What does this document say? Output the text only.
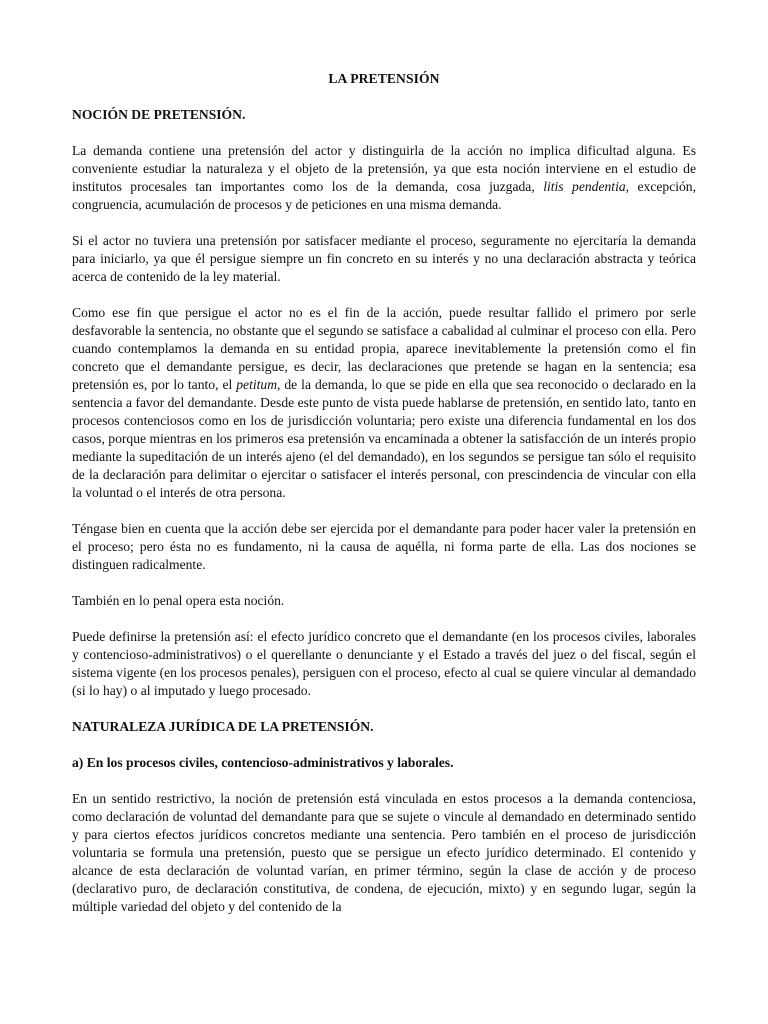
LA PRETENSIÓN
NOCIÓN DE PRETENSIÓN.

La demanda contiene una pretensión del actor y distinguirla de la acción no implica dificultad alguna. Es conveniente estudiar la naturaleza y el objeto de la pretensión, ya que esta noción interviene en el estudio de institutos procesales tan importantes como los de la demanda, cosa juzgada, litis pendentia, excepción, congruencia, acumulación de procesos y de peticiones en una misma demanda.

Si el actor no tuviera una pretensión por satisfacer mediante el proceso, seguramente no ejercitaría la demanda para iniciarlo, ya que él persigue siempre un fin concreto en su interés y no una declaración abstracta y teórica acerca de contenido de la ley material.

Como ese fin que persigue el actor no es el fin de la acción, puede resultar fallido el primero por serle desfavorable la sentencia, no obstante que el segundo se satisface a cabalidad al culminar el proceso con ella. Pero cuando contemplamos la demanda en su entidad propia, aparece inevitablemente la pretensión como el fin concreto que el demandante persigue, es decir, las declaraciones que pretende se hagan en la sentencia; esa pretensión es, por lo tanto, el petitum, de la demanda, lo que se pide en ella que sea reconocido o declarado en la sentencia a favor del demandante. Desde este punto de vista puede hablarse de pretensión, en sentido lato, tanto en procesos contenciosos como en los de jurisdicción voluntaria; pero existe una diferencia fundamental en los dos casos, porque mientras en los primeros esa pretensión va encaminada a obtener la satisfacción de un interés propio mediante la supeditación de un interés ajeno (el del demandado), en los segundos se persigue tan sólo el requisito de la declaración para delimitar o ejercitar o satisfacer el interés personal, con prescindencia de vincular con ella la voluntad o el interés de otra persona.

Téngase bien en cuenta que la acción debe ser ejercida por el demandante para poder hacer valer la pretensión en el proceso; pero ésta no es fundamento, ni la causa de aquélla, ni forma parte de ella. Las dos nociones se distinguen radicalmente.

También en lo penal opera esta noción.

Puede definirse la pretensión así: el efecto jurídico concreto que el demandante (en los procesos civiles, laborales y contencioso-administrativos) o el querellante o denunciante y el Estado a través del juez o del fiscal, según el sistema vigente (en los procesos penales), persiguen con el proceso, efecto al cual se quiere vincular al demandado (si lo hay) o al imputado y luego procesado.

NATURALEZA JURÍDICA DE LA PRETENSIÓN.
a) En los procesos civiles, contencioso-administrativos y laborales.

En un sentido restrictivo, la noción de pretensión está vinculada en estos procesos a la demanda contenciosa, como declaración de voluntad del demandante para que se sujete o vincule al demandado en determinado sentido y para ciertos efectos jurídicos concretos mediante una sentencia. Pero también en el proceso de jurisdicción voluntaria se formula una pretensión, puesto que se persigue un efecto jurídico determinado. El contenido y alcance de esta declaración de voluntad varían, en primer término, según la clase de acción y de proceso (declarativo puro, de declaración constitutiva, de condena, de ejecución, mixto) y en segundo lugar, según la múltiple variedad del objeto y del contenido de la
